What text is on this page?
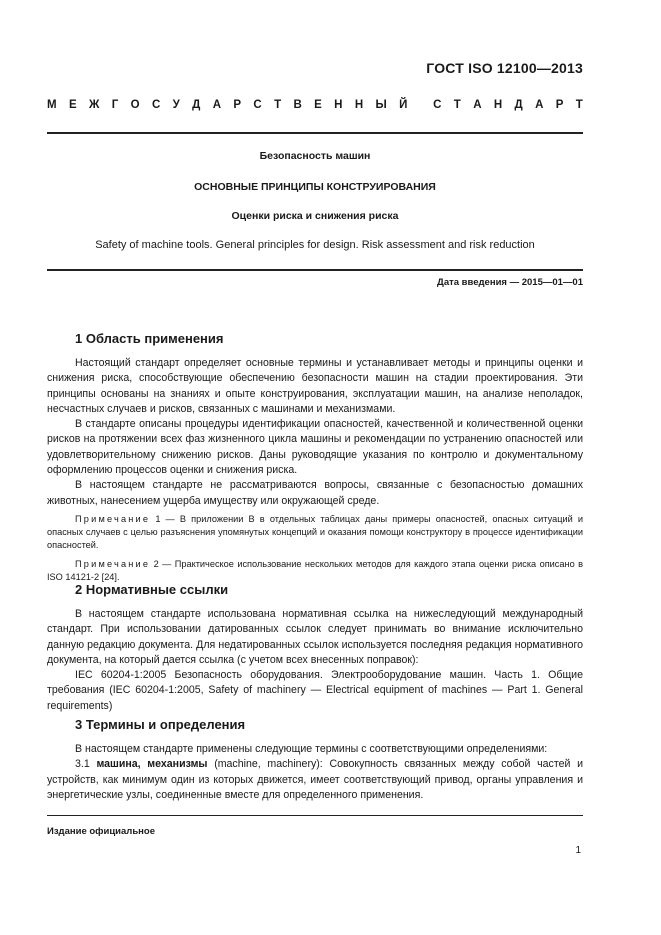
ГОСТ ISO 12100—2013
М Е Ж Г О С У Д А Р С Т В Е Н Н Ы Й С Т А Н Д А Р Т
Безопасность машин
ОСНОВНЫЕ ПРИНЦИПЫ КОНСТРУИРОВАНИЯ
Оценки риска и снижения риска
Safety of machine tools. General principles for design. Risk assessment and risk reduction
Дата введения — 2015—01—01
1 Область применения

Настоящий стандарт определяет основные термины и устанавливает методы и принципы оценки и снижения риска, способствующие обеспечению безопасности машин на стадии проектирования. Эти принципы основаны на знаниях и опыте конструирования, эксплуатации машин, на анализе неполадок, несчастных случаев и рисков, связанных с машинами и механизмами.

В стандарте описаны процедуры идентификации опасностей, качественной и количественной оценки рисков на протяжении всех фаз жизненного цикла машины и рекомендации по устранению опасностей или удовлетворительному снижению рисков. Даны руководящие указания по контролю и документальному оформлению процессов оценки и снижения риска.

В настоящем стандарте не рассматриваются вопросы, связанные с безопасностью домашних животных, нанесением ущерба имуществу или окружающей среде.

Примечание 1 — В приложении В в отдельных таблицах даны примеры опасностей, опасных ситуаций и опасных случаев с целью разъяснения упомянутых концепций и оказания помощи конструктору в процессе идентификации опасностей.

Примечание 2 — Практическое использование нескольких методов для каждого этапа оценки риска описано в ISO 14121-2 [24].

2 Нормативные ссылки

В настоящем стандарте использована нормативная ссылка на нижеследующий международный стандарт. При использовании датированных ссылок следует принимать во внимание исключительно данную редакцию документа. Для недатированных ссылок используется последняя редакция нормативного документа, на который дается ссылка (с учетом всех внесенных поправок):

IEC 60204-1:2005 Безопасность оборудования. Электрооборудование машин. Часть 1. Общие требования (IEC 60204-1:2005, Safety of machinery — Electrical equipment of machines — Part 1. General requirements)

3 Термины и определения

В настоящем стандарте применены следующие термины с соответствующими определениями:

3.1 машина, механизмы (machine, machinery): Совокупность связанных между собой частей и устройств, как минимум один из которых движется, имеет соответствующий привод, органы управления и энергетические узлы, соединенные вместе для определенного применения.

Издание официальное
1
